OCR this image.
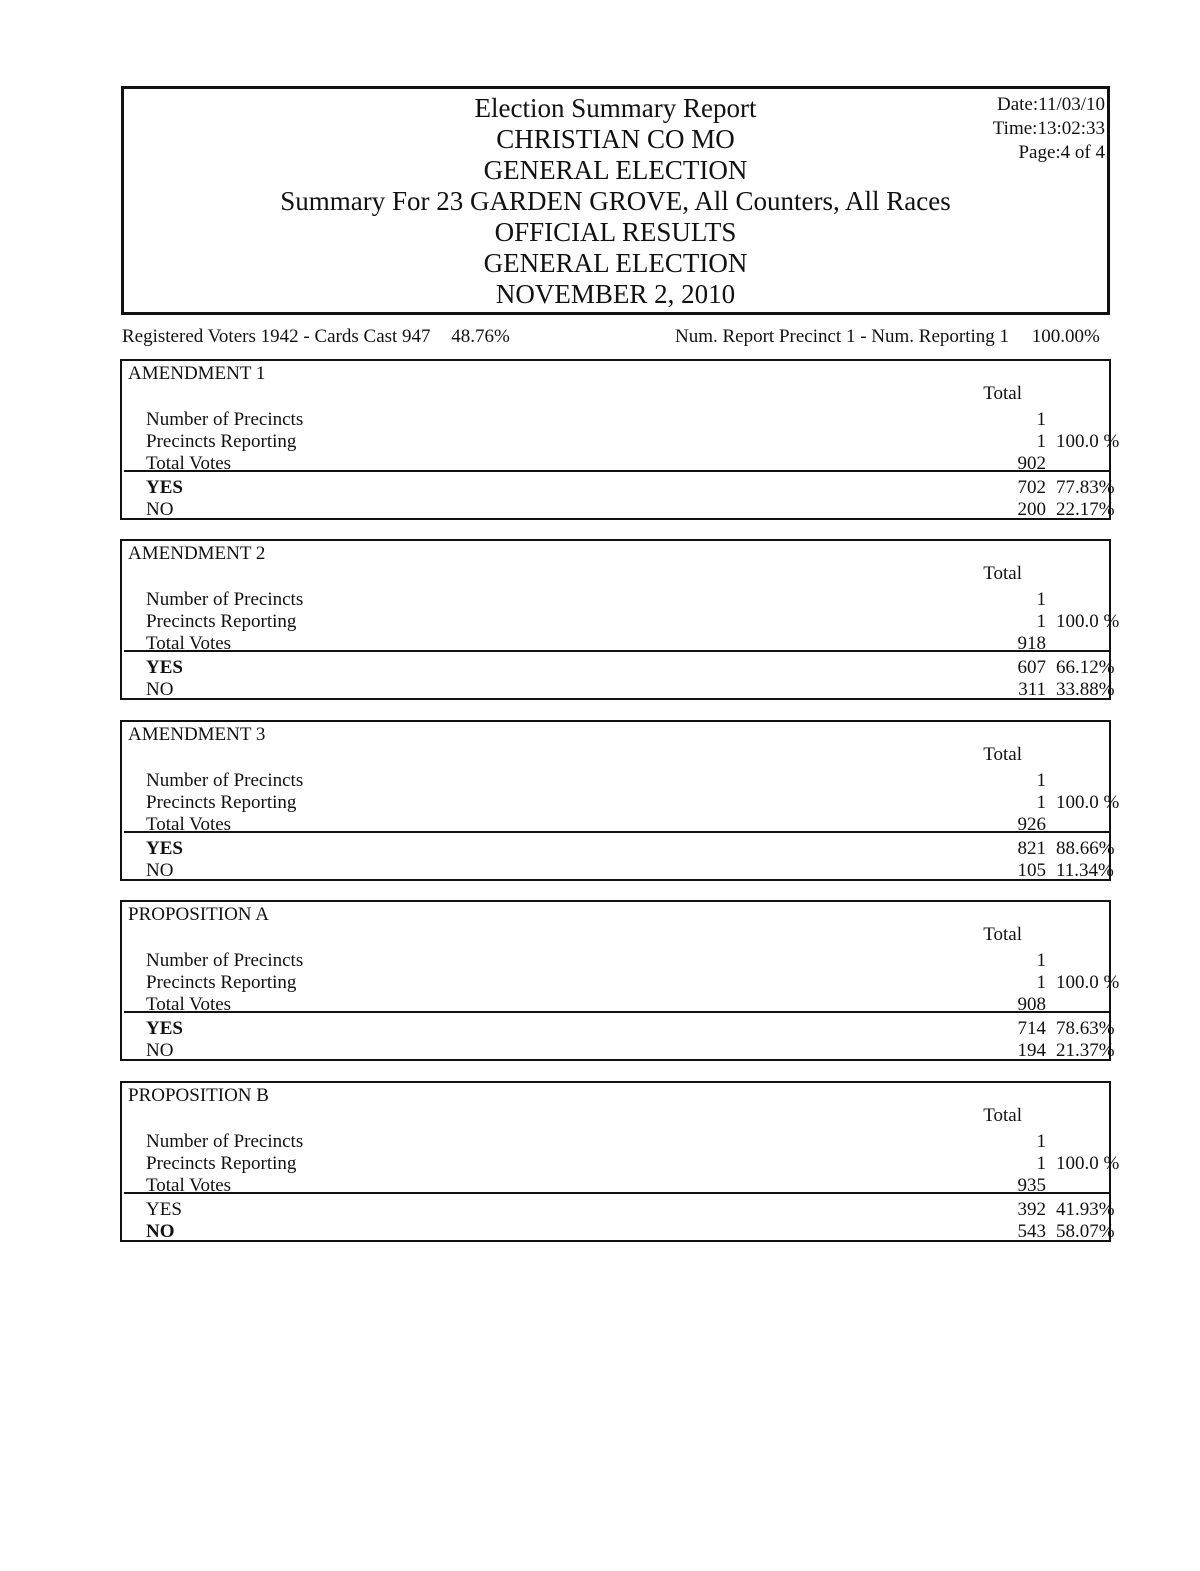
Election Summary Report
CHRISTIAN CO MO
GENERAL ELECTION
Summary For 23 GARDEN GROVE, All Counters, All Races
OFFICIAL RESULTS
GENERAL ELECTION
NOVEMBER 2, 2010
Date:11/03/10
Time:13:02:33
Page:4 of 4
Registered Voters 1942 - Cards Cast 947 48.76%	Num. Report Precinct 1 - Num. Reporting 1 100.00%
AMENDMENT 1
Total
Number of Precincts	1
Precincts Reporting	1 100.0 %
Total Votes	902
YES	702 77.83%
NO	200 22.17%
AMENDMENT 2
Total
Number of Precincts	1
Precincts Reporting	1 100.0 %
Total Votes	918
YES	607 66.12%
NO	311 33.88%
AMENDMENT 3
Total
Number of Precincts	1
Precincts Reporting	1 100.0 %
Total Votes	926
YES	821 88.66%
NO	105 11.34%
PROPOSITION A
Total
Number of Precincts	1
Precincts Reporting	1 100.0 %
Total Votes	908
YES	714 78.63%
NO	194 21.37%
PROPOSITION B
Total
Number of Precincts	1
Precincts Reporting	1 100.0 %
Total Votes	935
YES	392 41.93%
NO	543 58.07%
